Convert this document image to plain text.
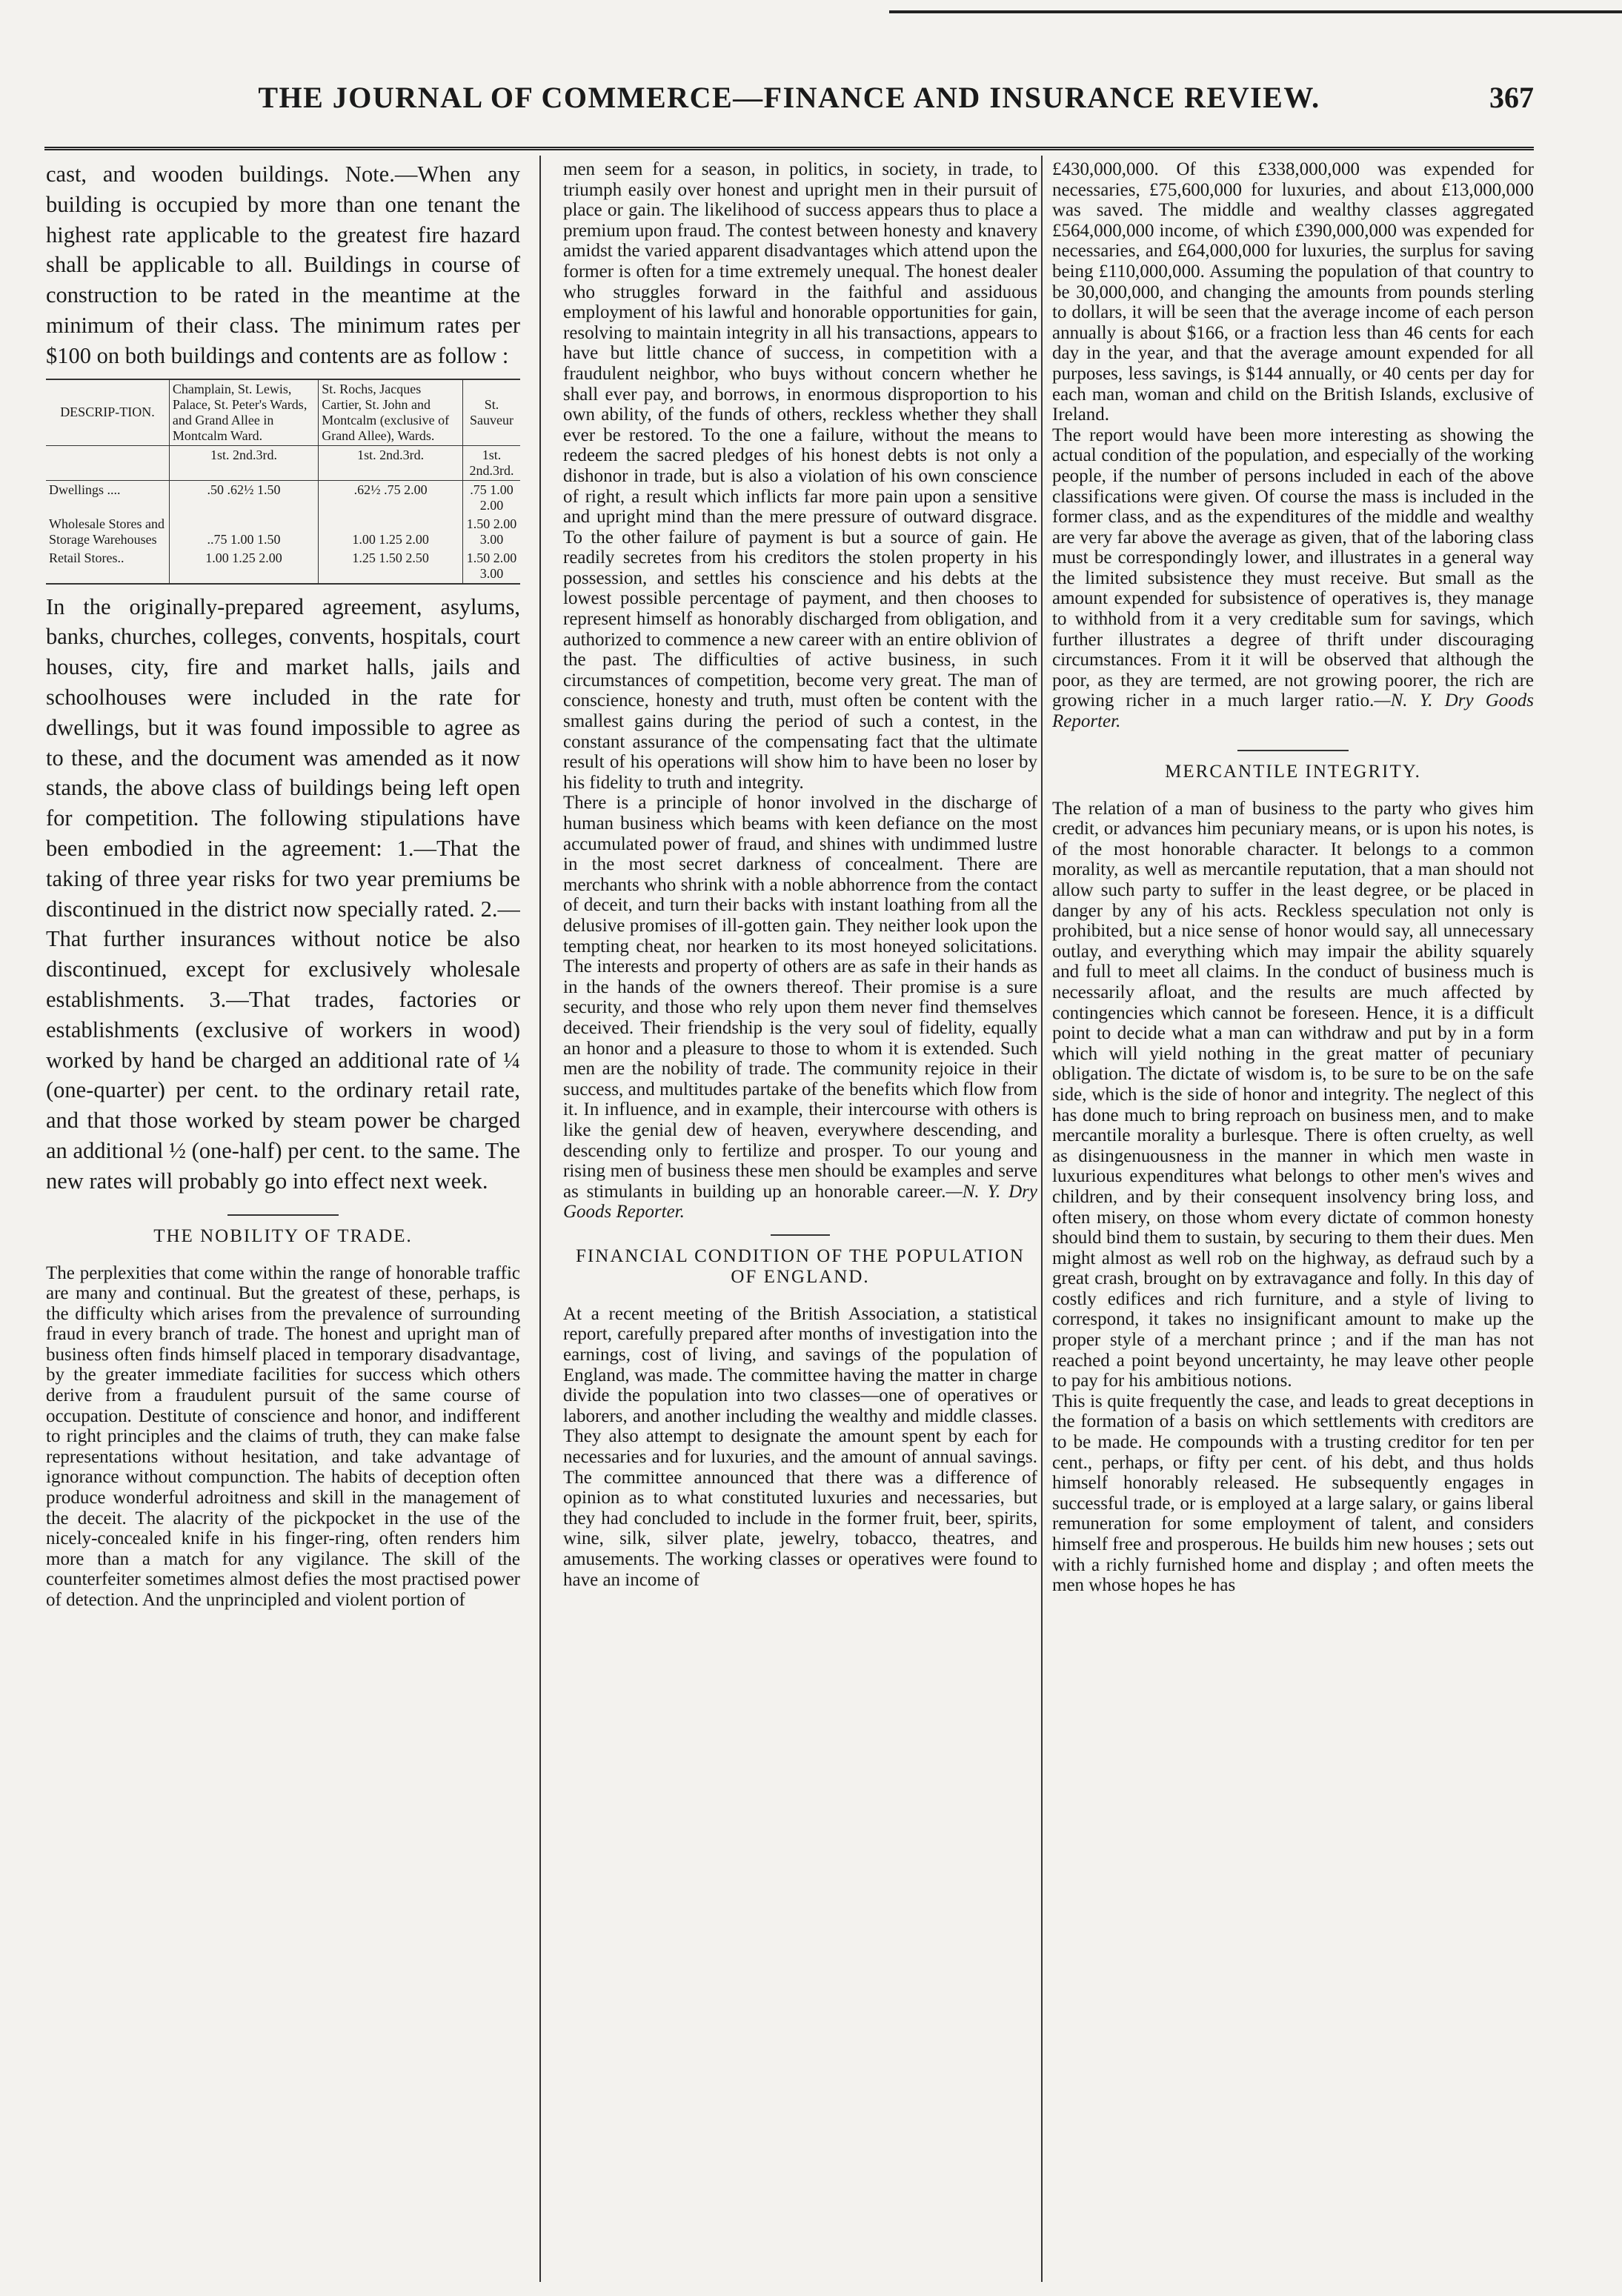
THE JOURNAL OF COMMERCE—FINANCE AND INSURANCE REVIEW.	367

cast, and wooden buildings. Note.—When any building is occupied by more than one tenant the highest rate applicable to the greatest fire hazard shall be applicable to all. Buildings in course of construction to be rated in the meantime at the minimum of their class. The minimum rates per $100 on both buildings and contents are as follow :

DESCRIP-TION.	Champlain, St. Lewis, Palace, St. Peter's Wards, and Grand Allee in Montcalm Ward.	St. Rochs, Jacques Cartier, St. John and Montcalm (exclusive of Grand Allee), Wards.	St. Sauveur
	1st. 2nd.3rd.	1st. 2nd.3rd.	1st. 2nd.3rd.
Dwellings ....	.50 .62½ 1.50	.62½ .75 2.00	.75 1.00 2.00
Wholesale Stores and Storage Warehouses	..75 1.00 1.50	1.00 1.25 2.00	1.50 2.00 3.00
Retail Stores..	1.00 1.25 2.00	1.25 1.50 2.50	1.50 2.00 3.00

In the originally-prepared agreement, asylums, banks, churches, colleges, convents, hospitals, court houses, city, fire and market halls, jails and schoolhouses were included in the rate for dwellings, but it was found impossible to agree as to these, and the document was amended as it now stands, the above class of buildings being left open for competition. The following stipulations have been embodied in the agreement: 1.—That the taking of three year risks for two year premiums be discontinued in the district now specially rated. 2.—That further insurances without notice be also discontinued, except for exclusively wholesale establishments. 3.—That trades, factories or establishments (exclusive of workers in wood) worked by hand be charged an additional rate of ¼ (one-quarter) per cent. to the ordinary retail rate, and that those worked by steam power be charged an additional ½ (one-half) per cent. to the same. The new rates will probably go into effect next week.

THE NOBILITY OF TRADE.

The perplexities that come within the range of honorable traffic are many and continual. But the greatest of these, perhaps, is the difficulty which arises from the prevalence of surrounding fraud in every branch of trade. The honest and upright man of business often finds himself placed in temporary disadvantage, by the greater immediate facilities for success which others derive from a fraudulent pursuit of the same course of occupation. Destitute of conscience and honor, and indifferent to right principles and the claims of truth, they can make false representations without hesitation, and take advantage of ignorance without compunction. The habits of deception often produce wonderful adroitness and skill in the management of the deceit. The alacrity of the pickpocket in the use of the nicely-concealed knife in his finger-ring, often renders him more than a match for any vigilance. The skill of the counterfeiter sometimes almost defies the most practised power of detection. And the unprincipled and violent portion of

men seem for a season, in politics, in society, in trade, to triumph easily over honest and upright men in their pursuit of place or gain. The likelihood of success appears thus to place a premium upon fraud. The contest between honesty and knavery amidst the varied apparent disadvantages which attend upon the former is often for a time extremely unequal. The honest dealer who struggles forward in the faithful and assiduous employment of his lawful and honorable opportunities for gain, resolving to maintain integrity in all his transactions, appears to have but little chance of success, in competition with a fraudulent neighbor, who buys without concern whether he shall ever pay, and borrows, in enormous disproportion to his own ability, of the funds of others, reckless whether they shall ever be restored. To the one a failure, without the means to redeem the sacred pledges of his honest debts is not only a dishonor in trade, but is also a violation of his own conscience of right, a result which inflicts far more pain upon a sensitive and upright mind than the mere pressure of outward disgrace. To the other failure of payment is but a source of gain. He readily secretes from his creditors the stolen property in his possession, and settles his conscience and his debts at the lowest possible percentage of payment, and then chooses to represent himself as honorably discharged from obligation, and authorized to commence a new career with an entire oblivion of the past. The difficulties of active business, in such circumstances of competition, become very great. The man of conscience, honesty and truth, must often be content with the smallest gains during the period of such a contest, in the constant assurance of the compensating fact that the ultimate result of his operations will show him to have been no loser by his fidelity to truth and integrity.

There is a principle of honor involved in the discharge of human business which beams with keen defiance on the most accumulated power of fraud, and shines with undimmed lustre in the most secret darkness of concealment. There are merchants who shrink with a noble abhorrence from the contact of deceit, and turn their backs with instant loathing from all the delusive promises of ill-gotten gain. They neither look upon the tempting cheat, nor hearken to its most honeyed solicitations. The interests and property of others are as safe in their hands as in the hands of the owners thereof. Their promise is a sure security, and those who rely upon them never find themselves deceived. Their friendship is the very soul of fidelity, equally an honor and a pleasure to those to whom it is extended. Such men are the nobility of trade. The community rejoice in their success, and multitudes partake of the benefits which flow from it. In influence, and in example, their intercourse with others is like the genial dew of heaven, everywhere descending, and descending only to fertilize and prosper. To our young and rising men of business these men should be examples and serve as stimulants in building up an honorable career.—N. Y. Dry Goods Reporter.

FINANCIAL CONDITION OF THE POPULATION OF ENGLAND.

At a recent meeting of the British Association, a statistical report, carefully prepared after months of investigation into the earnings, cost of living, and savings of the population of England, was made. The committee having the matter in charge divide the population into two classes—one of operatives or laborers, and another including the wealthy and middle classes. They also attempt to designate the amount spent by each for necessaries and for luxuries, and the amount of annual savings. The committee announced that there was a difference of opinion as to what constituted luxuries and necessaries, but they had concluded to include in the former fruit, beer, spirits, wine, silk, silver plate, jewelry, tobacco, theatres, and amusements. The working classes or operatives were found to have an income of

£430,000,000. Of this £338,000,000 was expended for necessaries, £75,600,000 for luxuries, and about £13,000,000 was saved. The middle and wealthy classes aggregated £564,000,000 income, of which £390,000,000 was expended for necessaries, and £64,000,000 for luxuries, the surplus for saving being £110,000,000. Assuming the population of that country to be 30,000,000, and changing the amounts from pounds sterling to dollars, it will be seen that the average income of each person annually is about $166, or a fraction less than 46 cents for each day in the year, and that the average amount expended for all purposes, less savings, is $144 annually, or 40 cents per day for each man, woman and child on the British Islands, exclusive of Ireland.

The report would have been more interesting as showing the actual condition of the population, and especially of the working people, if the number of persons included in each of the above classifications were given. Of course the mass is included in the former class, and as the expenditures of the middle and wealthy are very far above the average as given, that of the laboring class must be correspondingly lower, and illustrates in a general way the limited subsistence they must receive. But small as the amount expended for subsistence of operatives is, they manage to withhold from it a very creditable sum for savings, which further illustrates a degree of thrift under discouraging circumstances. From it it will be observed that although the poor, as they are termed, are not growing poorer, the rich are growing richer in a much larger ratio.—N. Y. Dry Goods Reporter.

MERCANTILE INTEGRITY.

The relation of a man of business to the party who gives him credit, or advances him pecuniary means, or is upon his notes, is of the most honorable character. It belongs to a common morality, as well as mercantile reputation, that a man should not allow such party to suffer in the least degree, or be placed in danger by any of his acts. Reckless speculation not only is prohibited, but a nice sense of honor would say, all unnecessary outlay, and everything which may impair the ability squarely and full to meet all claims. In the conduct of business much is necessarily afloat, and the results are much affected by contingencies which cannot be foreseen. Hence, it is a difficult point to decide what a man can withdraw and put by in a form which will yield nothing in the great matter of pecuniary obligation. The dictate of wisdom is, to be sure to be on the safe side, which is the side of honor and integrity. The neglect of this has done much to bring reproach on business men, and to make mercantile morality a burlesque. There is often cruelty, as well as disingenuousness in the manner in which men waste in luxurious expenditures what belongs to other men's wives and children, and by their consequent insolvency bring loss, and often misery, on those whom every dictate of common honesty should bind them to sustain, by securing to them their dues. Men might almost as well rob on the highway, as defraud such by a great crash, brought on by extravagance and folly. In this day of costly edifices and rich furniture, and a style of living to correspond, it takes no insignificant amount to make up the proper style of a merchant prince ; and if the man has not reached a point beyond uncertainty, he may leave other people to pay for his ambitious notions.

This is quite frequently the case, and leads to great deceptions in the formation of a basis on which settlements with creditors are to be made. He compounds with a trusting creditor for ten per cent., perhaps, or fifty per cent. of his debt, and thus holds himself honorably released. He subsequently engages in successful trade, or is employed at a large salary, or gains liberal remuneration for some employment of talent, and considers himself free and prosperous. He builds him new houses ; sets out with a richly furnished home and display ; and often meets the men whose hopes he has
